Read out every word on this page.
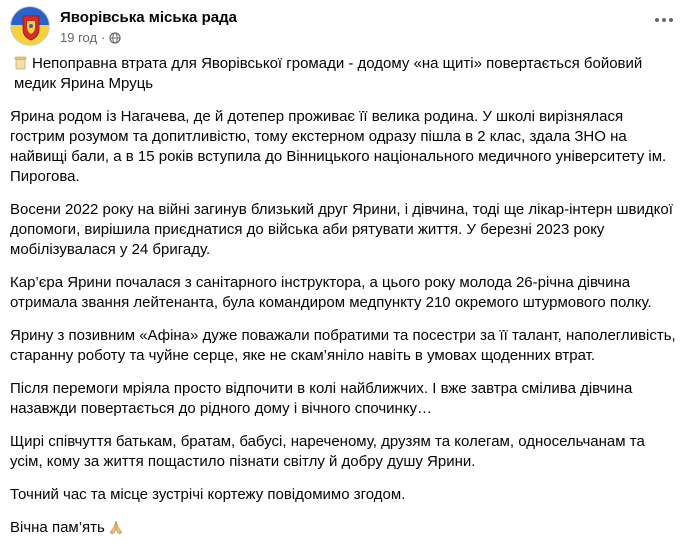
Яворівська міська рада
19 год ·

Непоправна втрата для Яворівської громади - додому «на щиті» повертається бойовий медик Ярина Мруць

Ярина родом із Нагачева, де й дотепер проживає її велика родина. У школі вирізнялася гострим розумом та допитливістю, тому екстерном одразу пішла в 2 клас, здала ЗНО на найвищі бали, а в 15 років вступила до Вінницького національного медичного університету ім. Пирогова.

Восени 2022 року на війні загинув близький друг Ярини, і дівчина, тоді ще лікар-інтерн швидкої допомоги, вирішила приєднатися до війська аби рятувати життя. У березні 2023 року мобілізувалася у 24 бригаду.

Кар’єра Ярини почалася з санітарного інструктора, а цього року молода 26-річна дівчина отримала звання лейтенанта, була командиром медпункту 210 окремого штурмового полку.

Ярину з позивним «Афіна» дуже поважали побратими та посестри за її талант, наполегливість, старанну роботу та чуйне серце, яке не скам’яніло навіть в умовах щоденних втрат.

Після перемоги мріяла просто відпочити в колі найближчих. І вже завтра смілива дівчина назавжди повертається до рідного дому і вічного спочинку…

Щирі співчуття батькам, братам, бабусі, нареченому, друзям та колегам, односельчанам та усім, кому за життя пощастило пізнати світлу й добру душу Ярини.

Точний час та місце зустрічі кортежу повідомимо згодом.

Вічна пам’ять
